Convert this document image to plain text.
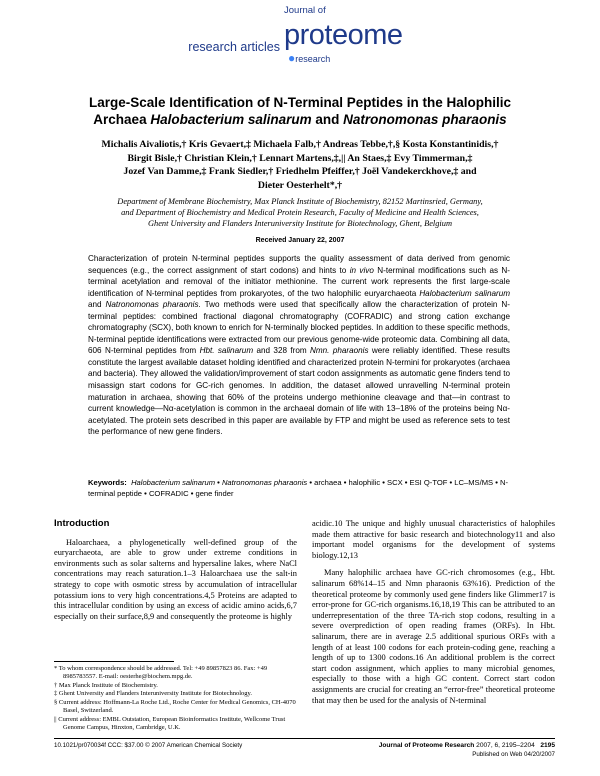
research articles
Journal of
proteome
●research
Large-Scale Identification of N-Terminal Peptides in the Halophilic
Archaea Halobacterium salinarum and Natronomonas pharaonis
Michalis Aivaliotis,† Kris Gevaert,‡ Michaela Falb,† Andreas Tebbe,†,§ Kosta Konstantinidis,†
Birgit Bisle,† Christian Klein,† Lennart Martens,‡,|| An Staes,‡ Evy Timmerman,‡
Jozef Van Damme,‡ Frank Siedler,† Friedhelm Pfeiffer,† Joël Vandekerckhove,‡ and
Dieter Oesterhelt*,†
Department of Membrane Biochemistry, Max Planck Institute of Biochemistry, 82152 Martinsried, Germany,
and Department of Biochemistry and Medical Protein Research, Faculty of Medicine and Health Sciences,
Ghent University and Flanders Interuniversity Institute for Biotechnology, Ghent, Belgium
Received January 22, 2007
Characterization of protein N-terminal peptides supports the quality assessment of data derived from genomic sequences (e.g., the correct assignment of start codons) and hints to in vivo N-terminal modifications such as N-terminal acetylation and removal of the initiator methionine. The current work represents the first large-scale identification of N-terminal peptides from prokaryotes, of the two halophilic euryarchaeota Halobacterium salinarum and Natronomonas pharaonis. Two methods were used that specifically allow the characterization of protein N-terminal peptides: combined fractional diagonal chromatography (COFRADIC) and strong cation exchange chromatography (SCX), both known to enrich for N-terminally blocked peptides. In addition to these specific methods, N-terminal peptide identifications were extracted from our previous genome-wide proteomic data. Combining all data, 606 N-terminal peptides from Hbt. salinarum and 328 from Nmn. pharaonis were reliably identified. These results constitute the largest available dataset holding identified and characterized protein N-termini for prokaryotes (archaea and bacteria). They allowed the validation/improvement of start codon assignments as automatic gene finders tend to misassign start codons for GC-rich genomes. In addition, the dataset allowed unravelling N-terminal protein maturation in archaea, showing that 60% of the proteins undergo methionine cleavage and that—in contrast to current knowledge—Nα-acetylation is common in the archaeal domain of life with 13–18% of the proteins being Nα-acetylated. The protein sets described in this paper are available by FTP and might be used as reference sets to test the performance of new gene finders.
Keywords: Halobacterium salinarum • Natronomonas pharaonis • archaea • halophilic • SCX • ESI Q-TOF • LC–MS/MS • N-terminal peptide • COFRADIC • gene finder
Introduction

Haloarchaea, a phylogenetically well-defined group of the euryarchaeota, are able to grow under extreme conditions in environments such as solar salterns and hypersaline lakes, where NaCl concentrations may reach saturation.1–3 Haloarchaea use the salt-in strategy to cope with osmotic stress by accumulation of intracellular potassium ions to very high concentrations.4,5 Proteins are adapted to this intracellular condition by using an excess of acidic amino acids,6,7 especially on their surface,8,9 and consequently the proteome is highly

* To whom correspondence should be addressed. Tel: +49 89857823 86. Fax: +49 8985783557. E-mail: oesterhe@biochem.mpg.de.

† Max Planck Institute of Biochemistry.

‡ Ghent University and Flanders Interuniversity Institute for Biotechnology.

§ Current address: Hoffmann-La Roche Ltd., Roche Center for Medical Genomics, CH-4070 Basel, Switzerland.

|| Current address: EMBL Outstation, European Bioinformatics Institute, Wellcome Trust Genome Campus, Hinxton, Cambridge, U.K.

acidic.10 The unique and highly unusual characteristics of halophiles made them attractive for basic research and biotechnology11 and also important model organisms for the development of systems biology.12,13

Many halophilic archaea have GC-rich chromosomes (e.g., Hbt. salinarum 68%14–15 and Nmn pharaonis 63%16). Prediction of the theoretical proteome by commonly used gene finders like Glimmer17 is error-prone for GC-rich organisms.16,18,19 This can be attributed to an underrepresentation of the three TA-rich stop codons, resulting in a severe overprediction of open reading frames (ORFs). In Hbt. salinarum, there are in average 2.5 additional spurious ORFs with a length of at least 100 codons for each protein-coding gene, reaching a length of up to 1300 codons.16 An additional problem is the correct start codon assignment, which applies to many microbial genomes, especially to those with a high GC content. Correct start codon assignments are crucial for creating an “error-free” theoretical proteome that may then be used for the analysis of N-terminal

10.1021/pr070034f CCC: $37.00 © 2007 American Chemical Society	Journal of Proteome Research 2007, 6, 2195–2204 2195
Published on Web 04/20/2007
